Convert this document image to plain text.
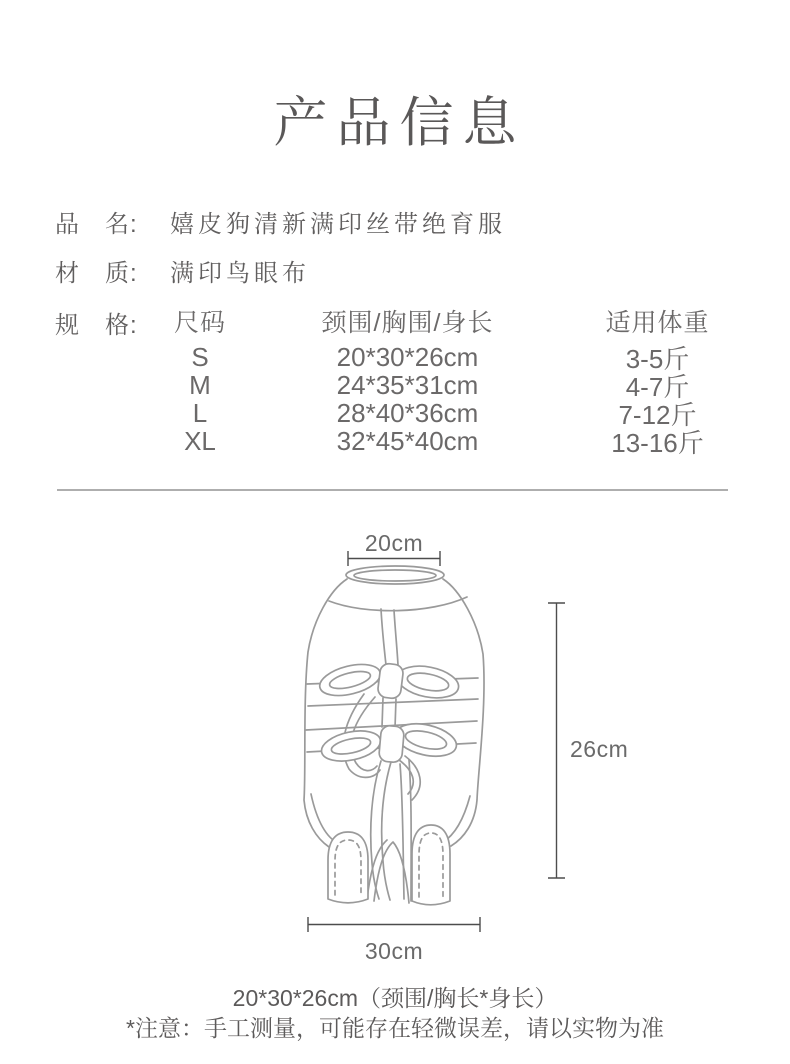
产品信息
品　名:	嬉皮狗清新满印丝带绝育服
材　质:	满印鸟眼布
规　格:	尺码	颈围/胸围/身长	适用体重
S	20*30*26cm	3-5斤
M	24*35*31cm	4-7斤
L	28*40*36cm	7-12斤
XL	32*45*40cm	13-16斤
20cm
26cm
30cm
20*30*26cm（颈围/胸长*身长）
*注意：手工测量，可能存在轻微误差，请以实物为准
